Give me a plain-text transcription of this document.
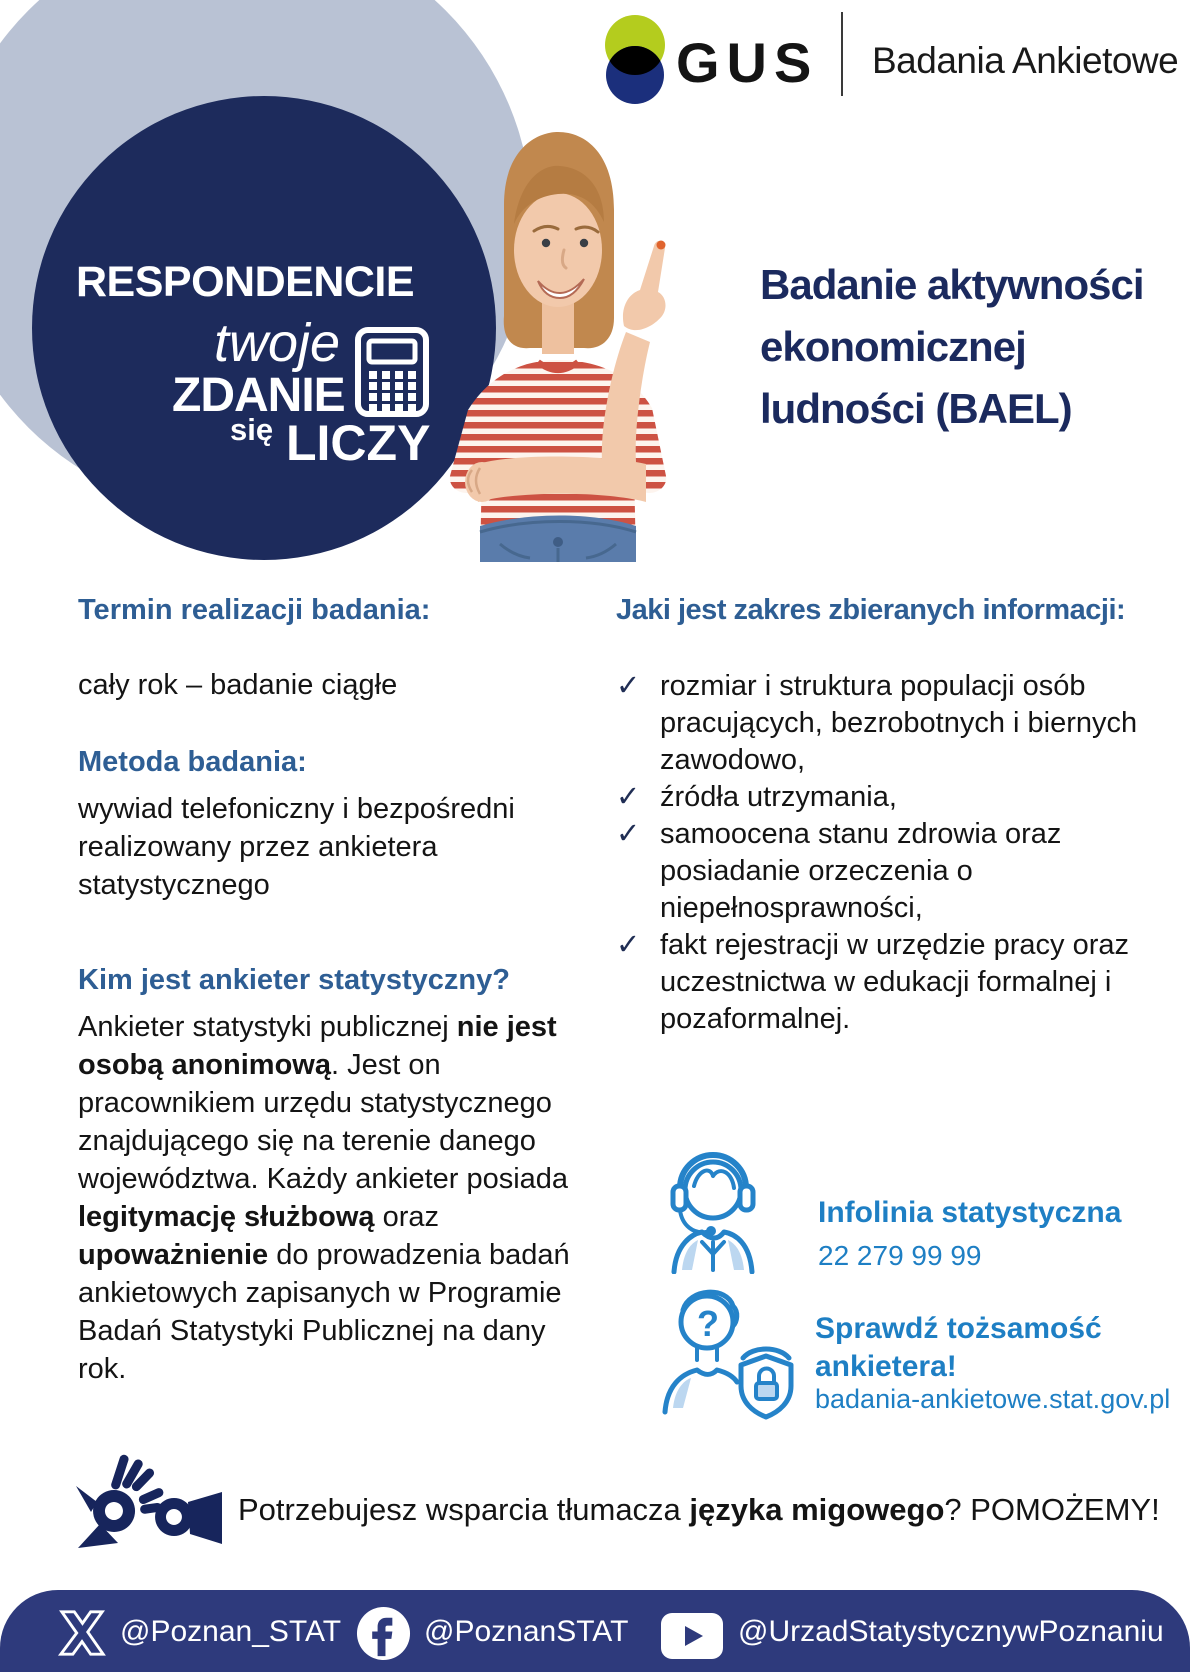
RESPONDENCIE
twoje
ZDANIE
się LICZY
GUS Badania Ankietowe
Badanie aktywności
ekonomicznej
ludności (BAEL)
Termin realizacji badania:
cały rok – badanie ciągłe
Metoda badania:
wywiad telefoniczny i bezpośredni realizowany przez ankietera statystycznego
Kim jest ankieter statystyczny?
Ankieter statystyki publicznej nie jest osobą anonimową. Jest on pracownikiem urzędu statystycznego znajdującego się na terenie danego województwa. Każdy ankieter posiada legitymację służbową oraz upoważnienie do prowadzenia badań ankietowych zapisanych w Programie Badań Statystyki Publicznej na dany rok.
Jaki jest zakres zbieranych informacji:
✓ rozmiar i struktura populacji osób pracujących, bezrobotnych i biernych zawodowo,
✓ źródła utrzymania,
✓ samoocena stanu zdrowia oraz posiadanie orzeczenia o niepełnosprawności,
✓ fakt rejestracji w urzędzie pracy oraz uczestnictwa w edukacji formalnej i pozaformalnej.
Infolinia statystyczna
22 279 99 99
?	Sprawdź tożsamość
ankietera!
badania-ankietowe.stat.gov.pl
Potrzebujesz wsparcia tłumacza języka migowego? POMOŻEMY!
@Poznan_STAT	@PoznanSTAT	@UrzadStatystycznywPoznaniu
